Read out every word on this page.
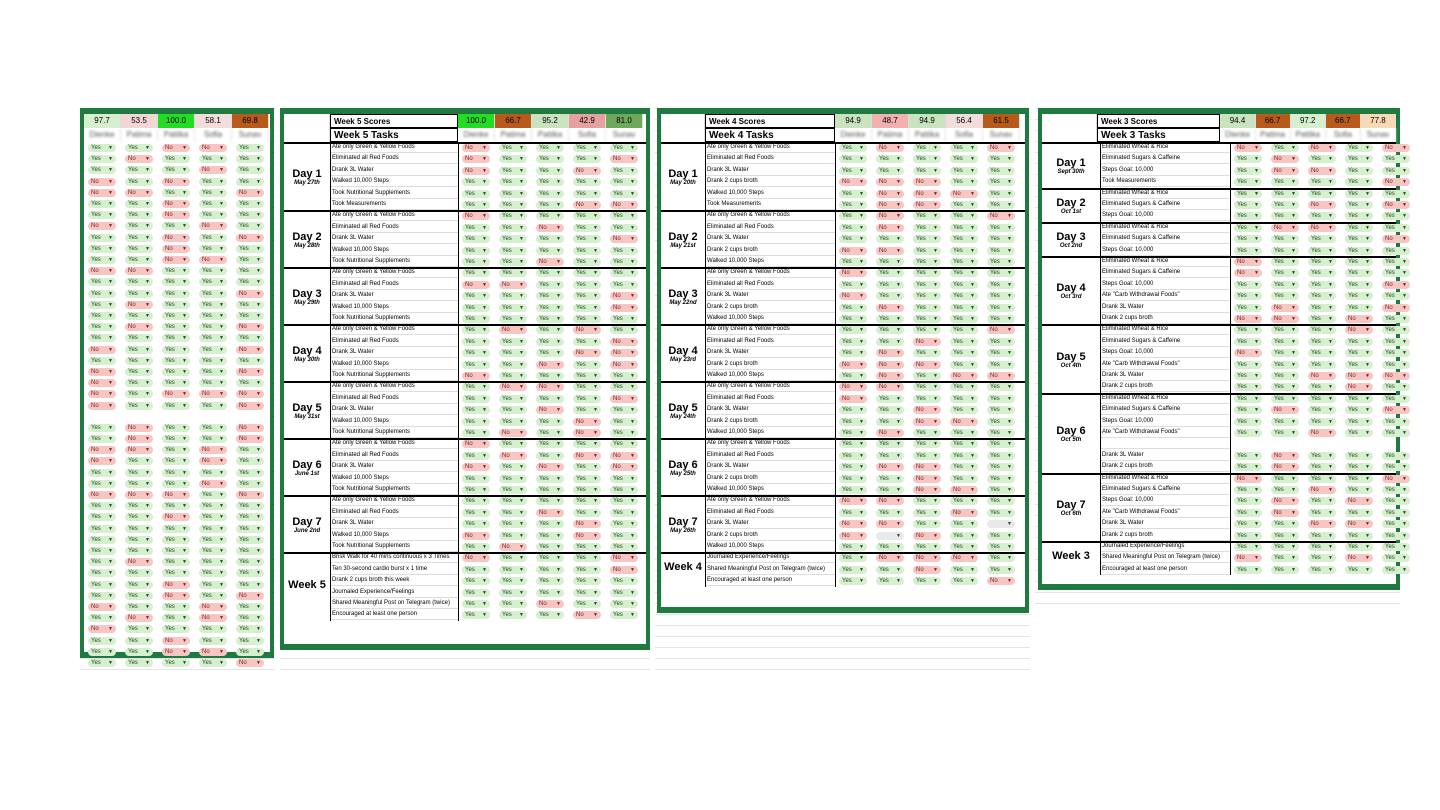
97.7	53.5	100.0	58.1	69.8
Dienke	Patima	Pattika	Sofia	Sunav
Yes ▼	Yes ▼	No ▼	No ▼	Yes ▼
Yes ▼	No ▼	Yes ▼	Yes ▼	Yes ▼
Yes ▼	Yes ▼	Yes ▼	No ▼	Yes ▼
No ▼	Yes ▼	No ▼	Yes ▼	Yes ▼
No ▼	No ▼	Yes ▼	Yes ▼	No ▼
Yes ▼	Yes ▼	No ▼	Yes ▼	Yes ▼
Yes ▼	Yes ▼	No ▼	Yes ▼	Yes ▼
No ▼	Yes ▼	Yes ▼	No ▼	Yes ▼
Yes ▼	Yes ▼	No ▼	Yes ▼	No ▼
Yes ▼	Yes ▼	No ▼	Yes ▼	Yes ▼
Yes ▼	Yes ▼	No ▼	No ▼	Yes ▼
No ▼	No ▼	Yes ▼	Yes ▼	Yes ▼
Yes ▼	Yes ▼	Yes ▼	Yes ▼	Yes ▼
Yes ▼	Yes ▼	Yes ▼	Yes ▼	No ▼
Yes ▼	No ▼	Yes ▼	Yes ▼	Yes ▼
Yes ▼	Yes ▼	Yes ▼	Yes ▼	Yes ▼
Yes ▼	No ▼	Yes ▼	Yes ▼	No ▼
Yes ▼	Yes ▼	Yes ▼	Yes ▼	Yes ▼
No ▼	Yes ▼	Yes ▼	Yes ▼	No ▼
Yes ▼	Yes ▼	Yes ▼	Yes ▼	Yes ▼
No ▼	Yes ▼	Yes ▼	Yes ▼	No ▼
No ▼	Yes ▼	Yes ▼	Yes ▼	Yes ▼
No ▼	Yes ▼	No ▼	No ▼	No ▼
No ▼	Yes ▼	Yes ▼	Yes ▼	No ▼
Yes ▼	No ▼	Yes ▼	Yes ▼	No ▼
Yes ▼	No ▼	Yes ▼	Yes ▼	No ▼
No ▼	No ▼	Yes ▼	No ▼	Yes ▼
No ▼	Yes ▼	Yes ▼	No ▼	Yes ▼
Yes ▼	Yes ▼	Yes ▼	Yes ▼	Yes ▼
Yes ▼	Yes ▼	Yes ▼	No ▼	Yes ▼
No ▼	No ▼	No ▼	Yes ▼	No ▼
Yes ▼	Yes ▼	Yes ▼	Yes ▼	Yes ▼
Yes ▼	Yes ▼	No ▼	Yes ▼	Yes ▼
Yes ▼	Yes ▼	Yes ▼	Yes ▼	Yes ▼
Yes ▼	Yes ▼	Yes ▼	Yes ▼	Yes ▼
Yes ▼	Yes ▼	Yes ▼	Yes ▼	Yes ▼
Yes ▼	No ▼	Yes ▼	Yes ▼	Yes ▼
Yes ▼	Yes ▼	Yes ▼	Yes ▼	Yes ▼
Yes ▼	Yes ▼	No ▼	Yes ▼	Yes ▼
Yes ▼	Yes ▼	No ▼	Yes ▼	No ▼
No ▼	Yes ▼	Yes ▼	No ▼	Yes ▼
Yes ▼	No ▼	Yes ▼	No ▼	Yes ▼
No ▼	Yes ▼	Yes ▼	Yes ▼	Yes ▼
Yes ▼	Yes ▼	No ▼	Yes ▼	Yes ▼
Yes ▼	Yes ▼	No ▼	No ▼	Yes ▼
Yes ▼	Yes ▼	Yes ▼	Yes ▼	No ▼
Week 5 Scores	100.0	66.7	95.2	42.9	81.0
Week 5 Tasks	Dienke	Patima	Pattika	Sofia	Sunav
Day 1
May 27th
Ate only Green & Yellow Foods	No ▼	Yes ▼	Yes ▼	Yes ▼	Yes ▼
Eliminated all Red Foods	No ▼	Yes ▼	Yes ▼	Yes ▼	No ▼
Drank 3L Water	No ▼	Yes ▼	Yes ▼	No ▼	Yes ▼
Walked 10,000 Steps	Yes ▼	Yes ▼	Yes ▼	Yes ▼	Yes ▼
Took Nutritional Supplements	Yes ▼	Yes ▼	Yes ▼	Yes ▼	Yes ▼
Took Measurements	Yes ▼	Yes ▼	Yes ▼	No ▼	No ▼
Day 2
May 28th
Ate only Green & Yellow Foods	No ▼	Yes ▼	Yes ▼	Yes ▼	Yes ▼
Eliminated all Red Foods	Yes ▼	Yes ▼	No ▼	Yes ▼	Yes ▼
Drank 3L Water	Yes ▼	Yes ▼	Yes ▼	Yes ▼	No ▼
Walked 10,000 Steps	Yes ▼	Yes ▼	Yes ▼	Yes ▼	Yes ▼
Took Nutritional Supplements	Yes ▼	Yes ▼	No ▼	Yes ▼	Yes ▼
Day 3
May 29th
Ate only Green & Yellow Foods	Yes ▼	Yes ▼	Yes ▼	Yes ▼	Yes ▼
Eliminated all Red Foods	No ▼	No ▼	Yes ▼	Yes ▼	Yes ▼
Drank 3L Water	Yes ▼	Yes ▼	Yes ▼	Yes ▼	No ▼
Walked 10,000 Steps	Yes ▼	Yes ▼	Yes ▼	Yes ▼	No ▼
Took Nutritional Supplements	Yes ▼	Yes ▼	Yes ▼	Yes ▼	Yes ▼
Day 4
May 30th
Ate only Green & Yellow Foods	Yes ▼	No ▼	Yes ▼	No ▼	Yes ▼
Eliminated all Red Foods	Yes ▼	Yes ▼	Yes ▼	Yes ▼	No ▼
Drank 3L Water	Yes ▼	Yes ▼	Yes ▼	No ▼	No ▼
Walked 10,000 Steps	Yes ▼	Yes ▼	No ▼	Yes ▼	No ▼
Took Nutritional Supplements	No ▼	Yes ▼	Yes ▼	Yes ▼	Yes ▼
Day 5
May 31st
Ate only Green & Yellow Foods	Yes ▼	No ▼	No ▼	Yes ▼	Yes ▼
Eliminated all Red Foods	Yes ▼	Yes ▼	Yes ▼	Yes ▼	No ▼
Drank 3L Water	Yes ▼	Yes ▼	No ▼	Yes ▼	Yes ▼
Walked 10,000 Steps	Yes ▼	Yes ▼	Yes ▼	No ▼	Yes ▼
Took Nutritional Supplements	Yes ▼	No ▼	Yes ▼	No ▼	Yes ▼
Day 6
June 1st
Ate only Green & Yellow Foods	No ▼	Yes ▼	Yes ▼	Yes ▼	Yes ▼
Eliminated all Red Foods	Yes ▼	No ▼	Yes ▼	No ▼	No ▼
Drank 3L Water	No ▼	Yes ▼	No ▼	Yes ▼	No ▼
Walked 10,000 Steps	Yes ▼	Yes ▼	Yes ▼	Yes ▼	Yes ▼
Took Nutritional Supplements	Yes ▼	Yes ▼	Yes ▼	Yes ▼	Yes ▼
Day 7
June 2nd
Ate only Green & Yellow Foods	Yes ▼	Yes ▼	Yes ▼	Yes ▼	Yes ▼
Eliminated all Red Foods	Yes ▼	Yes ▼	No ▼	Yes ▼	Yes ▼
Drank 3L Water	Yes ▼	Yes ▼	Yes ▼	No ▼	Yes ▼
Walked 10,000 Steps	No ▼	Yes ▼	Yes ▼	No ▼	Yes ▼
Took Nutritional Supplements	Yes ▼	No ▼	Yes ▼	Yes ▼	Yes ▼
Week 5
Brisk Walk for 40 mins continuous x 3 Times	No ▼	Yes ▼	Yes ▼	Yes ▼	No ▼
Ten 30-second cardio burst x 1 time	Yes ▼	Yes ▼	Yes ▼	Yes ▼	No ▼
Drank 2 cups broth this week	Yes ▼	Yes ▼	Yes ▼	Yes ▼	Yes ▼
Journaled Experience/Feelings	Yes ▼	Yes ▼	Yes ▼	Yes ▼	Yes ▼
Shared Meaningful Post on Telegram (twice)	Yes ▼	Yes ▼	No ▼	Yes ▼	Yes ▼
Encouraged at least one person	Yes ▼	Yes ▼	Yes ▼	No ▼	Yes ▼
Week 4 Scores	94.9	48.7	94.9	56.4	61.5
Week 4 Tasks	Dienke	Patima	Pattika	Sofia	Sunav
Day 1
May 20th
Ate only Green & Yellow Foods	Yes ▼	No ▼	Yes ▼	Yes ▼	No ▼
Eliminated all Red Foods	Yes ▼	Yes ▼	Yes ▼	Yes ▼	Yes ▼
Drank 3L Water	Yes ▼	Yes ▼	Yes ▼	Yes ▼	Yes ▼
Drank 2 cups broth	No ▼	No ▼	No ▼	Yes ▼	Yes ▼
Walked 10,000 Steps	Yes ▼	No ▼	No ▼	No ▼	Yes ▼
Took Measurements	Yes ▼	No ▼	No ▼	Yes ▼	Yes ▼
Day 2
May 21st
Ate only Green & Yellow Foods	Yes ▼	No ▼	Yes ▼	Yes ▼	No ▼
Eliminated all Red Foods	Yes ▼	No ▼	Yes ▼	Yes ▼	Yes ▼
Drank 3L Water	Yes ▼	Yes ▼	Yes ▼	Yes ▼	Yes ▼
Drank 2 cups broth	No ▼	No ▼	Yes ▼	Yes ▼	Yes ▼
Walked 10,000 Steps	Yes ▼	Yes ▼	Yes ▼	Yes ▼	Yes ▼
Day 3
May 22nd
Ate only Green & Yellow Foods	No ▼	Yes ▼	Yes ▼	Yes ▼	Yes ▼
Eliminated all Red Foods	Yes ▼	Yes ▼	Yes ▼	Yes ▼	Yes ▼
Drank 3L Water	No ▼	Yes ▼	Yes ▼	Yes ▼	Yes ▼
Drank 2 cups broth	Yes ▼	No ▼	Yes ▼	Yes ▼	Yes ▼
Walked 10,000 Steps	Yes ▼	Yes ▼	Yes ▼	Yes ▼	Yes ▼
Day 4
May 23rd
Ate only Green & Yellow Foods	Yes ▼	Yes ▼	Yes ▼	Yes ▼	No ▼
Eliminated all Red Foods	Yes ▼	Yes ▼	No ▼	Yes ▼	Yes ▼
Drank 3L Water	Yes ▼	No ▼	Yes ▼	Yes ▼	Yes ▼
Drank 2 cups broth	No ▼	No ▼	No ▼	Yes ▼	Yes ▼
Walked 10,000 Steps	Yes ▼	No ▼	Yes ▼	No ▼	No ▼
Day 5
May 24th
Ate only Green & Yellow Foods	No ▼	No ▼	Yes ▼	Yes ▼	Yes ▼
Eliminated all Red Foods	No ▼	Yes ▼	Yes ▼	Yes ▼	Yes ▼
Drank 3L Water	Yes ▼	Yes ▼	No ▼	Yes ▼	Yes ▼
Drank 2 cups broth	Yes ▼	Yes ▼	No ▼	No ▼	Yes ▼
Walked 10,000 Steps	Yes ▼	No ▼	Yes ▼	Yes ▼	Yes ▼
Day 6
May 25th
Ate only Green & Yellow Foods	Yes ▼	Yes ▼	Yes ▼	Yes ▼	Yes ▼
Eliminated all Red Foods	Yes ▼	Yes ▼	Yes ▼	Yes ▼	Yes ▼
Drank 3L Water	Yes ▼	No ▼	No ▼	Yes ▼	Yes ▼
Drank 2 cups broth	Yes ▼	Yes ▼	No ▼	Yes ▼	Yes ▼
Walked 10,000 Steps	Yes ▼	Yes ▼	No ▼	No ▼	Yes ▼
Day 7
May 26th
Ate only Green & Yellow Foods	No ▼	No ▼	Yes ▼	Yes ▼	Yes ▼
Eliminated all Red Foods	Yes ▼	Yes ▼	Yes ▼	No ▼	Yes ▼
Drank 3L Water	No ▼	No ▼	Yes ▼	Yes ▼	▼
Drank 2 cups broth	No ▼	▼	No ▼	Yes ▼	Yes ▼
Walked 10,000 Steps	Yes ▼	Yes ▼	Yes ▼	Yes ▼	Yes ▼
Week 4
Journaled Experience/Feelings	Yes ▼	No ▼	No ▼	No ▼	Yes ▼
Shared Meaningful Post on Telegram (twice)	Yes ▼	Yes ▼	No ▼	Yes ▼	Yes ▼
Encouraged at least one person	Yes ▼	Yes ▼	Yes ▼	Yes ▼	No ▼
Week 3 Scores	94.4	66.7	97.2	66.7	77.8
Week 3 Tasks	Dienke	Patima	Pattika	Sofia	Sunav
Day 1
Sept 30th
Eliminated Wheat & Rice	No ▼	Yes ▼	No ▼	Yes ▼	No ▼
Eliminated Sugars & Caffeine	Yes ▼	No ▼	Yes ▼	Yes ▼	Yes ▼
Steps Goal: 10,000	Yes ▼	No ▼	No ▼	Yes ▼	Yes ▼
Took Measurements	Yes ▼	Yes ▼	Yes ▼	Yes ▼	No ▼
Day 2
Oct 1st
Eliminated Wheat & Rice	Yes ▼	Yes ▼	Yes ▼	Yes ▼	Yes ▼
Eliminated Sugars & Caffeine	Yes ▼	Yes ▼	No ▼	Yes ▼	No ▼
Steps Goal: 10,000	Yes ▼	Yes ▼	Yes ▼	Yes ▼	Yes ▼
Day 3
Oct 2nd
Eliminated Wheat & Rice	Yes ▼	No ▼	No ▼	Yes ▼	Yes ▼
Eliminated Sugars & Caffeine	Yes ▼	Yes ▼	Yes ▼	Yes ▼	No ▼
Steps Goal: 10,000	Yes ▼	Yes ▼	Yes ▼	Yes ▼	Yes ▼
Day 4
Oct 3rd
Eliminated Wheat & Rice	No ▼	Yes ▼	Yes ▼	Yes ▼	Yes ▼
Eliminated Sugars & Caffeine	No ▼	Yes ▼	Yes ▼	Yes ▼	Yes ▼
Steps Goal: 10,000	Yes ▼	Yes ▼	Yes ▼	Yes ▼	No ▼
Ate "Carb Withdrawal Foods"	Yes ▼	Yes ▼	Yes ▼	Yes ▼	Yes ▼
Drank 3L Water	Yes ▼	No ▼	Yes ▼	Yes ▼	No ▼
Drank 2 cups broth	No ▼	No ▼	Yes ▼	No ▼	Yes ▼
Day 5
Oct 4th
Eliminated Wheat & Rice	Yes ▼	Yes ▼	Yes ▼	No ▼	Yes ▼
Eliminated Sugars & Caffeine	Yes ▼	Yes ▼	Yes ▼	Yes ▼	Yes ▼
Steps Goal: 10,000	No ▼	Yes ▼	Yes ▼	Yes ▼	Yes ▼
Ate "Carb Withdrawal Foods"	Yes ▼	Yes ▼	Yes ▼	Yes ▼	Yes ▼
Drank 3L Water	Yes ▼	Yes ▼	No ▼	No ▼	No ▼
Drank 2 cups broth	Yes ▼	Yes ▼	Yes ▼	No ▼	Yes ▼
Day 6
Oct 5th
Eliminated Wheat & Rice	Yes ▼	Yes ▼	Yes ▼	Yes ▼	Yes ▼
Eliminated Sugars & Caffeine	Yes ▼	No ▼	Yes ▼	Yes ▼	No ▼
Steps Goal: 10,000	Yes ▼	Yes ▼	Yes ▼	Yes ▼	Yes ▼
Ate "Carb Withdrawal Foods"	Yes ▼	Yes ▼	No ▼	Yes ▼	Yes ▼
Drank 3L Water	Yes ▼	No ▼	Yes ▼	Yes ▼	Yes ▼
Drank 2 cups broth	Yes ▼	No ▼	Yes ▼	Yes ▼	Yes ▼
Day 7
Oct 6th
Eliminated Wheat & Rice	No ▼	Yes ▼	Yes ▼	Yes ▼	No ▼
Eliminated Sugars & Caffeine	Yes ▼	Yes ▼	No ▼	Yes ▼	Yes ▼
Steps Goal: 10,000	Yes ▼	No ▼	Yes ▼	No ▼	Yes ▼
Ate "Carb Withdrawal Foods"	Yes ▼	No ▼	Yes ▼	Yes ▼	Yes ▼
Drank 3L Water	Yes ▼	Yes ▼	No ▼	No ▼	Yes ▼
Drank 2 cups broth	Yes ▼	Yes ▼	Yes ▼	Yes ▼	Yes ▼
Week 3
Journaled Experience/Feelings	Yes ▼	Yes ▼	Yes ▼	Yes ▼	Yes ▼
Shared Meaningful Post on Telegram (twice)	No ▼	Yes ▼	Yes ▼	No ▼	Yes ▼
Encouraged at least one person	Yes ▼	Yes ▼	Yes ▼	Yes ▼	Yes ▼
